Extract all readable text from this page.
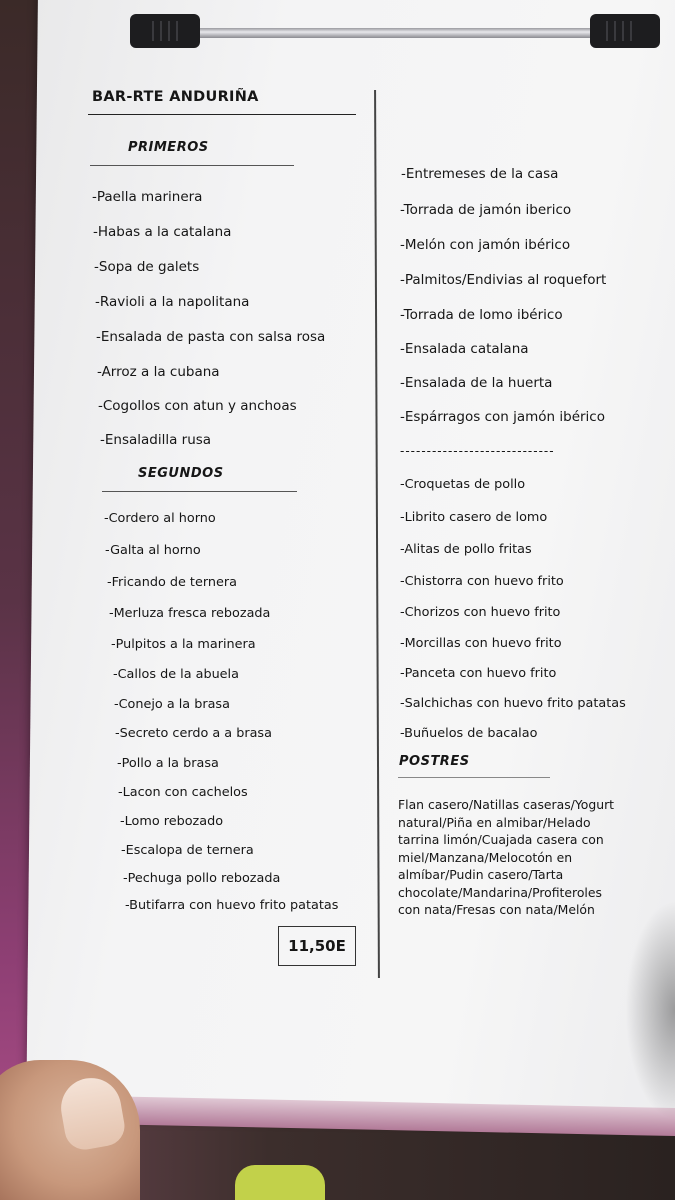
BAR-RTE ANDURIÑA
PRIMEROS
-Paella marinera
-Habas a la catalana
-Sopa de galets
-Ravioli a la napolitana
-Ensalada de pasta con salsa rosa
-Arroz a la cubana
-Cogollos con atun y anchoas
-Ensaladilla rusa
SEGUNDOS
-Cordero al horno
-Galta al horno
-Fricando de ternera
-Merluza fresca rebozada
-Pulpitos a la marinera
-Callos de la abuela
-Conejo a la brasa
-Secreto cerdo a a brasa
-Pollo a la brasa
-Lacon con cachelos
-Lomo rebozado
-Escalopa de ternera
-Pechuga pollo rebozada
-Butifarra con huevo frito patatas
11,50E
-Entremeses de la casa
-Torrada de jamón iberico
-Melón con jamón ibérico
-Palmitos/Endivias al roquefort
-Torrada de lomo ibérico
-Ensalada catalana
-Ensalada de la huerta
-Espárragos con jamón ibérico
-----------------------------
-Croquetas de pollo
-Librito casero de lomo
-Alitas de pollo fritas
-Chistorra con huevo frito
-Chorizos con huevo frito
-Morcillas con huevo frito
-Panceta con huevo frito
-Salchichas con huevo frito patatas
-Buñuelos de bacalao
POSTRES
Flan casero/Natillas caseras/Yogurt natural/Piña en almibar/Helado tarrina limón/Cuajada casera con miel/Manzana/Melocotón en almíbar/Pudin casero/Tarta chocolate/Mandarina/Profiteroles con nata/Fresas con nata/Melón
